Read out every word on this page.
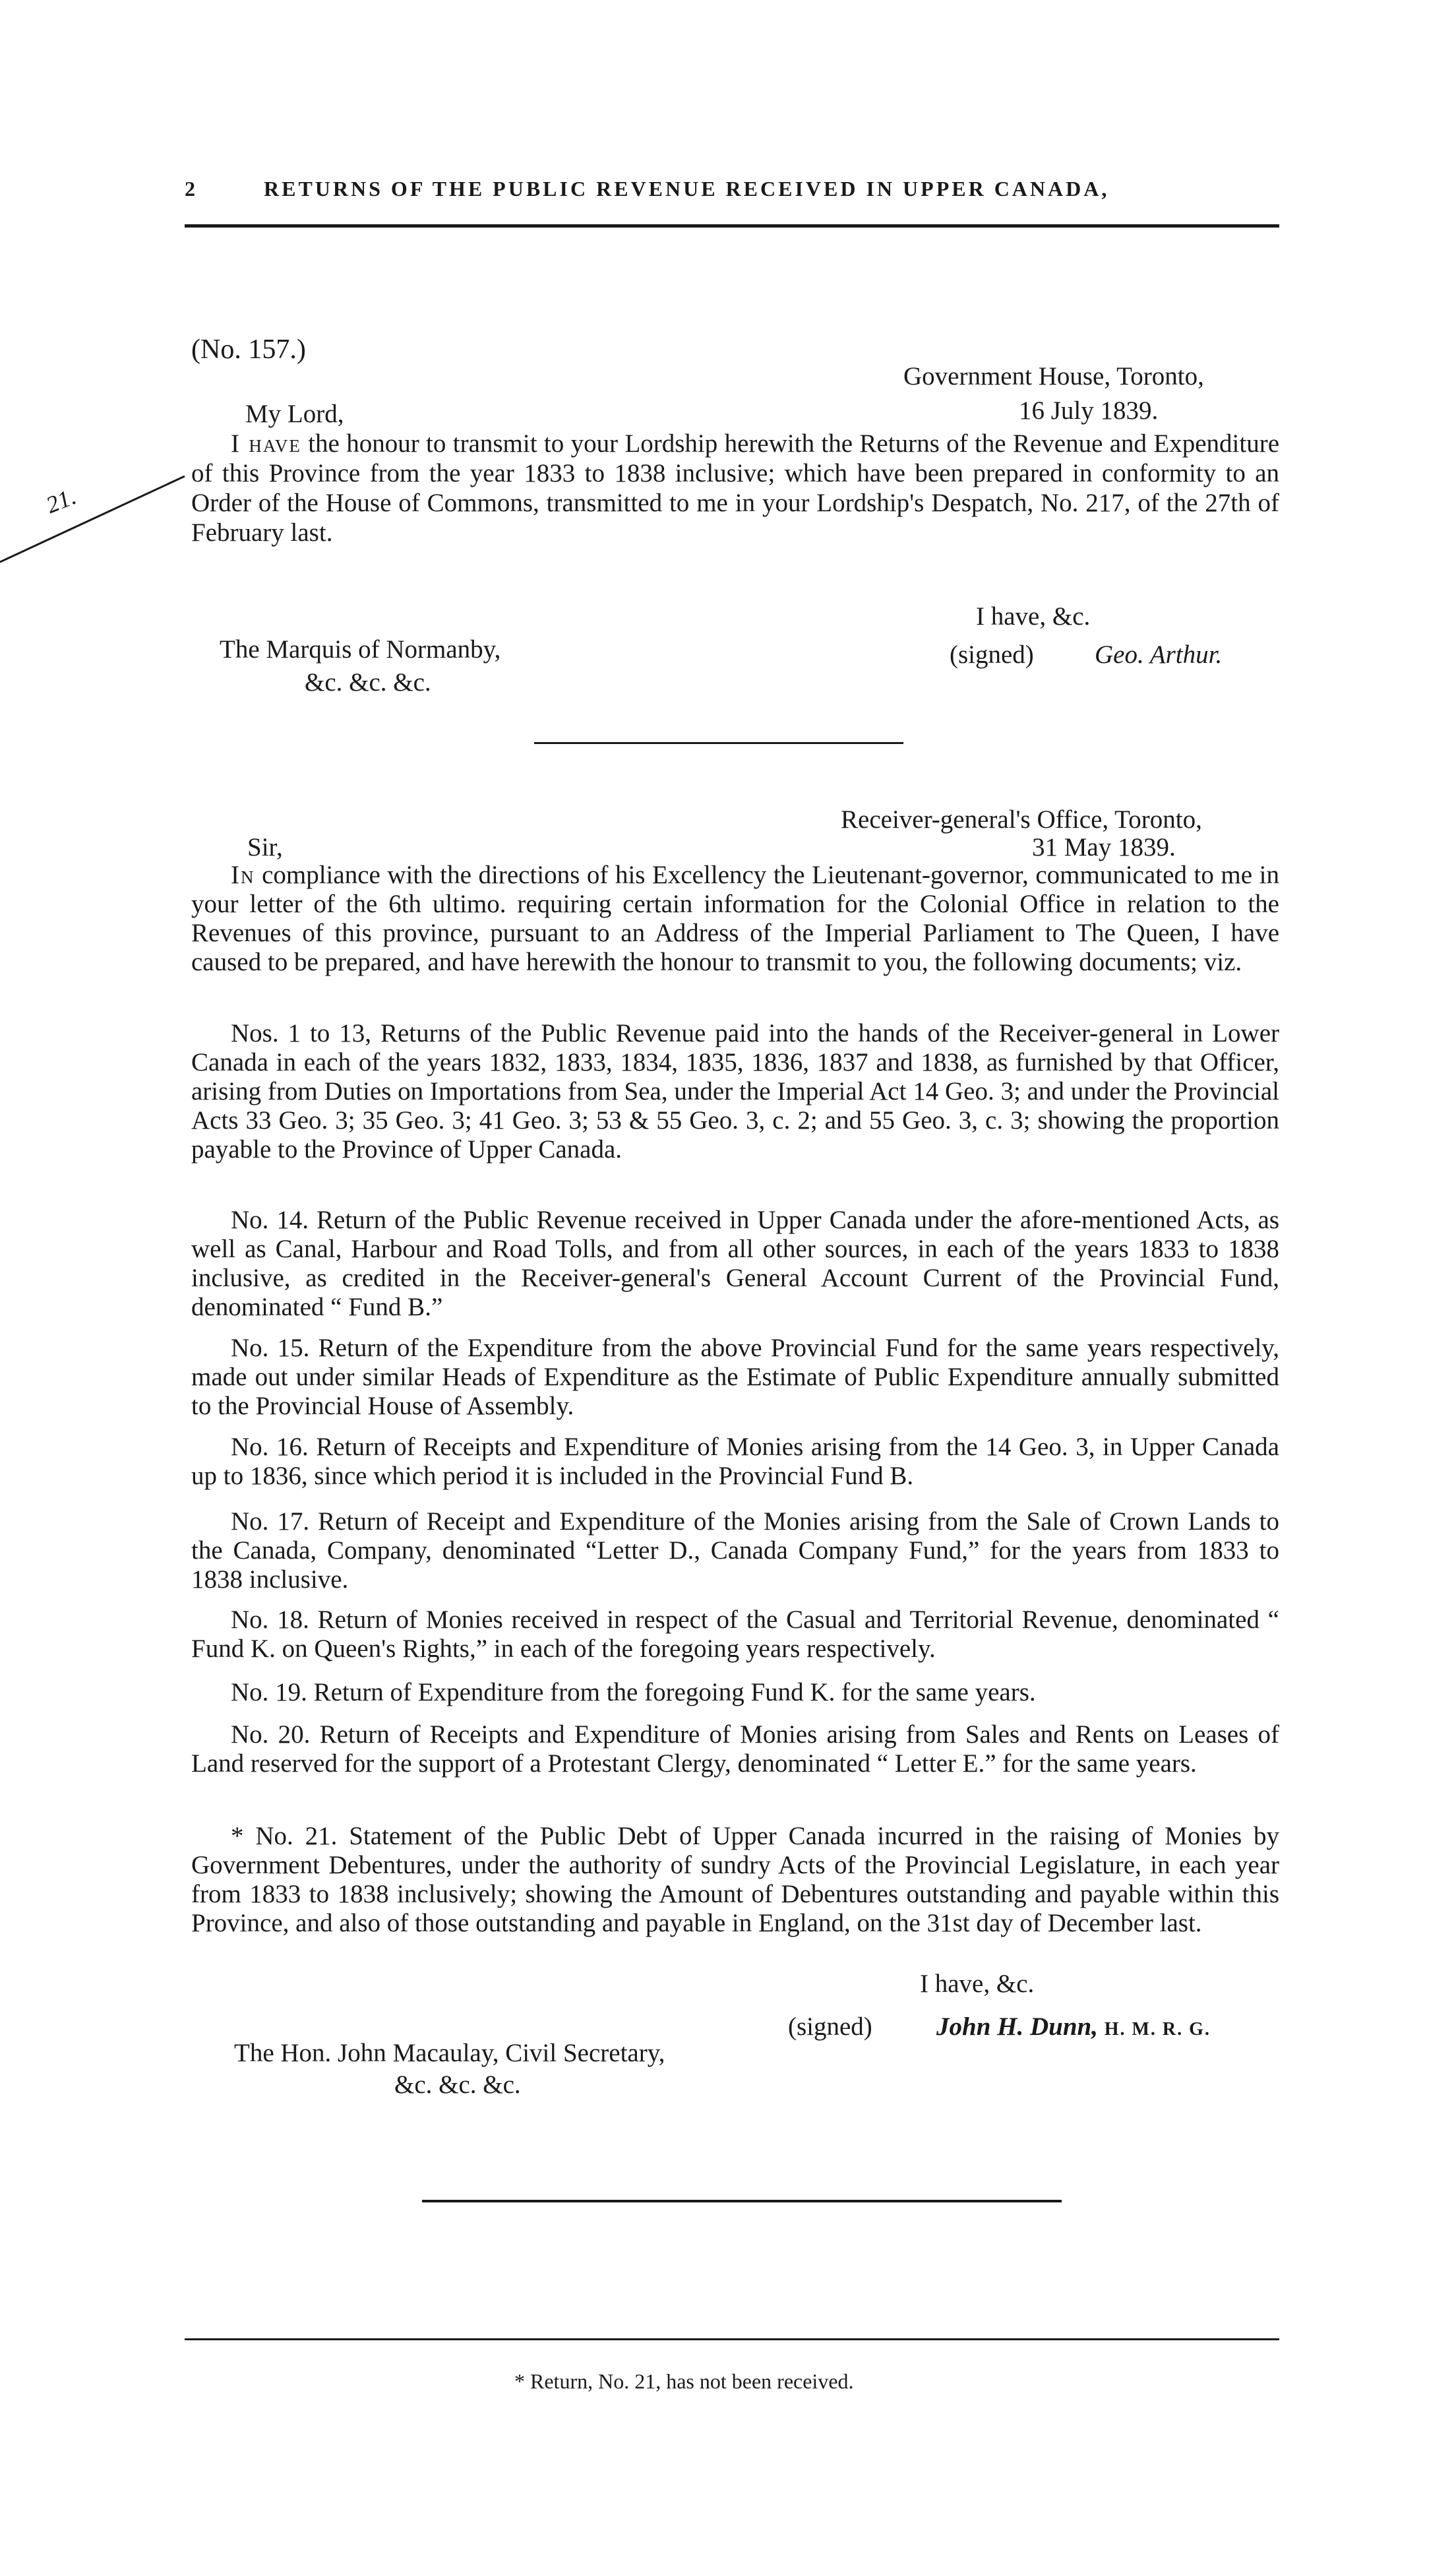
2	RETURNS OF THE PUBLIC REVENUE RECEIVED IN UPPER CANADA,
21.
(No. 157.)
Government House, Toronto,
16 July 1839.
My Lord,

I have the honour to transmit to your Lordship herewith the Returns of the Revenue and Expenditure of this Province from the year 1833 to 1838 inclusive; which have been prepared in conformity to an Order of the House of Commons, transmitted to me in your Lordship's Despatch, No. 217, of the 27th of February last.

I have, &c.
(signed) Geo. Arthur.
The Marquis of Normanby,
&c. &c. &c.
Receiver-general's Office, Toronto,
Sir,	31 May 1839.

In compliance with the directions of his Excellency the Lieutenant-governor, communicated to me in your letter of the 6th ultimo. requiring certain information for the Colonial Office in relation to the Revenues of this province, pursuant to an Address of the Imperial Parliament to The Queen, I have caused to be prepared, and have herewith the honour to transmit to you, the following documents; viz.

Nos. 1 to 13, Returns of the Public Revenue paid into the hands of the Receiver-general in Lower Canada in each of the years 1832, 1833, 1834, 1835, 1836, 1837 and 1838, as furnished by that Officer, arising from Duties on Importations from Sea, under the Imperial Act 14 Geo. 3; and under the Provincial Acts 33 Geo. 3; 35 Geo. 3; 41 Geo. 3; 53 & 55 Geo. 3, c. 2; and 55 Geo. 3, c. 3; showing the proportion payable to the Province of Upper Canada.

No. 14. Return of the Public Revenue received in Upper Canada under the afore-mentioned Acts, as well as Canal, Harbour and Road Tolls, and from all other sources, in each of the years 1833 to 1838 inclusive, as credited in the Receiver-general's General Account Current of the Provincial Fund, denominated “ Fund B.”

No. 15. Return of the Expenditure from the above Provincial Fund for the same years respectively, made out under similar Heads of Expenditure as the Estimate of Public Expenditure annually submitted to the Provincial House of Assembly.

No. 16. Return of Receipts and Expenditure of Monies arising from the 14 Geo. 3, in Upper Canada up to 1836, since which period it is included in the Provincial Fund B.

No. 17. Return of Receipt and Expenditure of the Monies arising from the Sale of Crown Lands to the Canada, Company, denominated “Letter D., Canada Company Fund,” for the years from 1833 to 1838 inclusive.

No. 18. Return of Monies received in respect of the Casual and Territorial Revenue, denominated “ Fund K. on Queen's Rights,” in each of the foregoing years respectively.

No. 19. Return of Expenditure from the foregoing Fund K. for the same years.

No. 20. Return of Receipts and Expenditure of Monies arising from Sales and Rents on Leases of Land reserved for the support of a Protestant Clergy, denominated “ Letter E.” for the same years.

* No. 21. Statement of the Public Debt of Upper Canada incurred in the raising of Monies by Government Debentures, under the authority of sundry Acts of the Provincial Legislature, in each year from 1833 to 1838 inclusively; showing the Amount of Debentures outstanding and payable within this Province, and also of those outstanding and payable in England, on the 31st day of December last.

I have, &c.
(signed) John H. Dunn, H. M. R. G.
The Hon. John Macaulay, Civil Secretary,
&c. &c. &c.
* Return, No. 21, has not been received.
